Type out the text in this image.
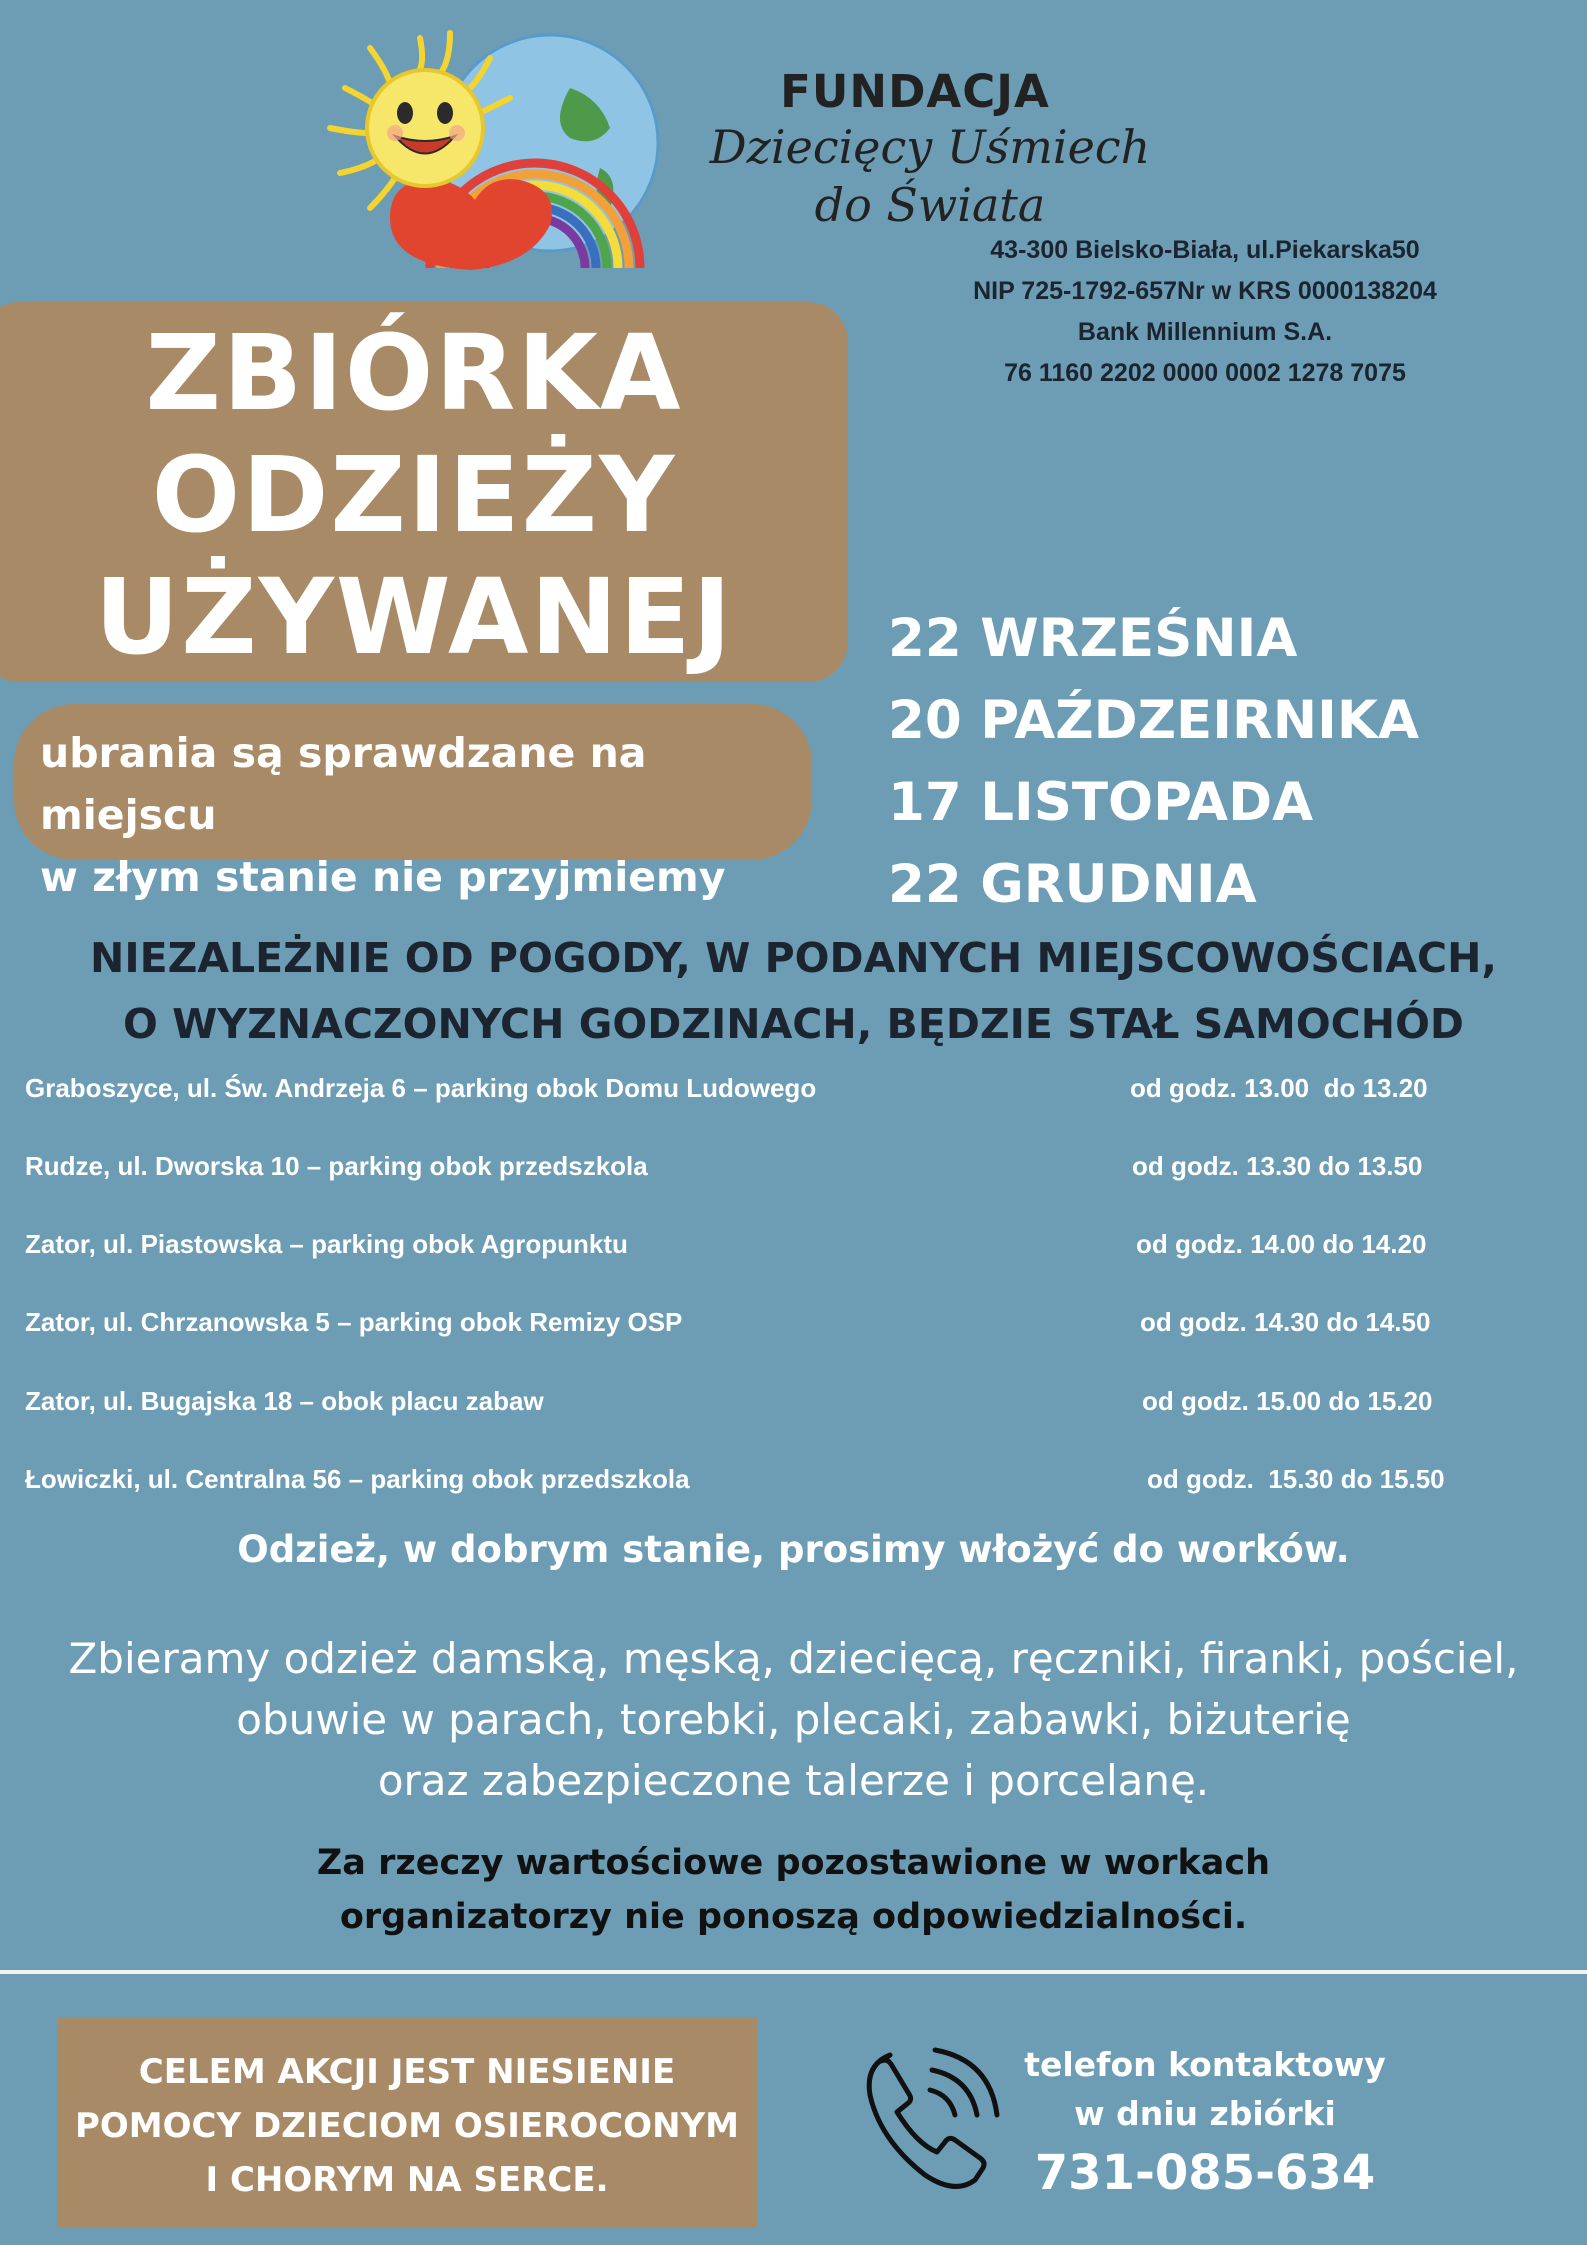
FUNDACJA
Dziecięcy Uśmiech
do Świata
43-300 Bielsko-Biała, ul.Piekarska50
NIP 725-1792-657Nr w KRS 0000138204
Bank Millennium S.A.
76 1160 2202 0000 0002 1278 7075
ZBIÓRKA
ODZIEŻY
UŻYWANEJ
ubrania są sprawdzane na miejscu
w złym stanie nie przyjmiemy
22 WRZEŚNIA
20 PAŹDZEIRNIKA
17 LISTOPADA
22 GRUDNIA
NIEZALEŻNIE OD POGODY, W PODANYCH MIEJSCOWOŚCIACH,
O WYZNACZONYCH GODZINACH, BĘDZIE STAŁ SAMOCHÓD
Graboszyce, ul. Św. Andrzeja 6 – parking obok Domu Ludowego	od godz. 13.00  do 13.20
Rudze, ul. Dworska 10 – parking obok przedszkola	od godz. 13.30 do 13.50
Zator, ul. Piastowska – parking obok Agropunktu	od godz. 14.00 do 14.20
Zator, ul. Chrzanowska 5 – parking obok Remizy OSP	od godz. 14.30 do 14.50
Zator, ul. Bugajska 18 – obok placu zabaw	od godz. 15.00 do 15.20
Łowiczki, ul. Centralna 56 – parking obok przedszkola	od godz.  15.30 do 15.50
Odzież, w dobrym stanie, prosimy włożyć do worków.
Zbieramy odzież damską, męską, dziecięcą, ręczniki, firanki, pościel,
obuwie w parach, torebki, plecaki, zabawki, biżuterię
oraz zabezpieczone talerze i porcelanę.
Za rzeczy wartościowe pozostawione w workach
organizatorzy nie ponoszą odpowiedzialności.
CELEM AKCJI JEST NIESIENIE
POMOCY DZIECIOM OSIEROCONYM
I CHORYM NA SERCE.
telefon kontaktowy
w dniu zbiórki
731-085-634
